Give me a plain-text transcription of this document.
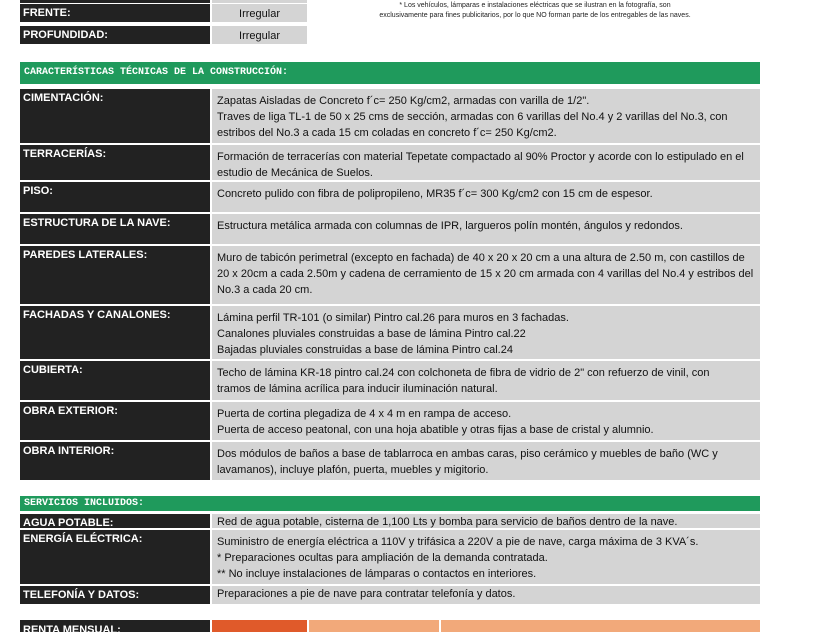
FRENTE:	Irregular
PROFUNDIDAD:	Irregular
* Los vehículos, lámparas e instalaciones eléctricas que se ilustran en la fotografía, son
exclusivamente para fines publicitarios, por lo que NO forman parte de los entregables de las naves.
CARACTERÍSTICAS TÉCNICAS DE LA CONSTRUCCIÓN:
CIMENTACIÓN:	Zapatas Aisladas de Concreto f´c= 250 Kg/cm2, armadas con varilla de 1/2".
Traves de liga TL-1 de 50 x 25 cms de sección, armadas con 6 varillas del No.4 y 2 varillas del No.3, con
estribos del No.3 a cada 15 cm coladas en concreto f´c= 250 Kg/cm2.
TERRACERÍAS:	Formación de terracerías con material Tepetate compactado al 90% Proctor y acorde con lo estipulado en el
estudio de Mecánica de Suelos.
PISO:	Concreto pulido con fibra de polipropileno, MR35 f´c= 300 Kg/cm2 con 15 cm de espesor.
ESTRUCTURA DE LA NAVE:	Estructura metálica armada con columnas de IPR, largueros polín montén, ángulos y redondos.
PAREDES LATERALES:	Muro de tabicón perimetral (excepto en fachada) de 40 x 20 x 20 cm a una altura de 2.50 m, con castillos de
20 x 20cm a cada 2.50m y cadena de cerramiento de 15 x 20 cm armada con 4 varillas del No.4 y estribos del
No.3 a cada 20 cm.
FACHADAS Y CANALONES:	Lámina perfil TR-101 (o similar) Pintro cal.26 para muros en 3 fachadas.
Canalones pluviales construidas a base de lámina Pintro cal.22
Bajadas pluviales construidas a base de lámina Pintro cal.24
CUBIERTA:	Techo de lámina KR-18 pintro cal.24 con colchoneta de fibra de vidrio de 2" con refuerzo de vinil, con
tramos de lámina acrílica para inducir iluminación natural.
OBRA EXTERIOR:	Puerta de cortina plegadiza de 4 x 4 m en rampa de acceso.
Puerta de acceso peatonal, con una hoja abatible y otras fijas a base de cristal y alumnio.
OBRA INTERIOR:	Dos módulos de baños a base de tablarroca en ambas caras, piso cerámico y muebles de baño (WC y
lavamanos), incluye plafón, puerta, muebles y migitorio.
SERVICIOS INCLUIDOS:
AGUA POTABLE:	Red de agua potable, cisterna de 1,100 Lts y bomba para servicio de baños dentro de la nave.
ENERGÍA ELÉCTRICA:	Suministro de energía eléctrica a 110V y trifásica a 220V a pie de nave, carga máxima de 3 KVA´s.
* Preparaciones ocultas para ampliación de la demanda contratada.
** No incluye instalaciones de lámparas o contactos en interiores.
TELEFONÍA Y DATOS:	Preparaciones a pie de nave para contratar telefonía y datos.
RENTA MENSUAL:
